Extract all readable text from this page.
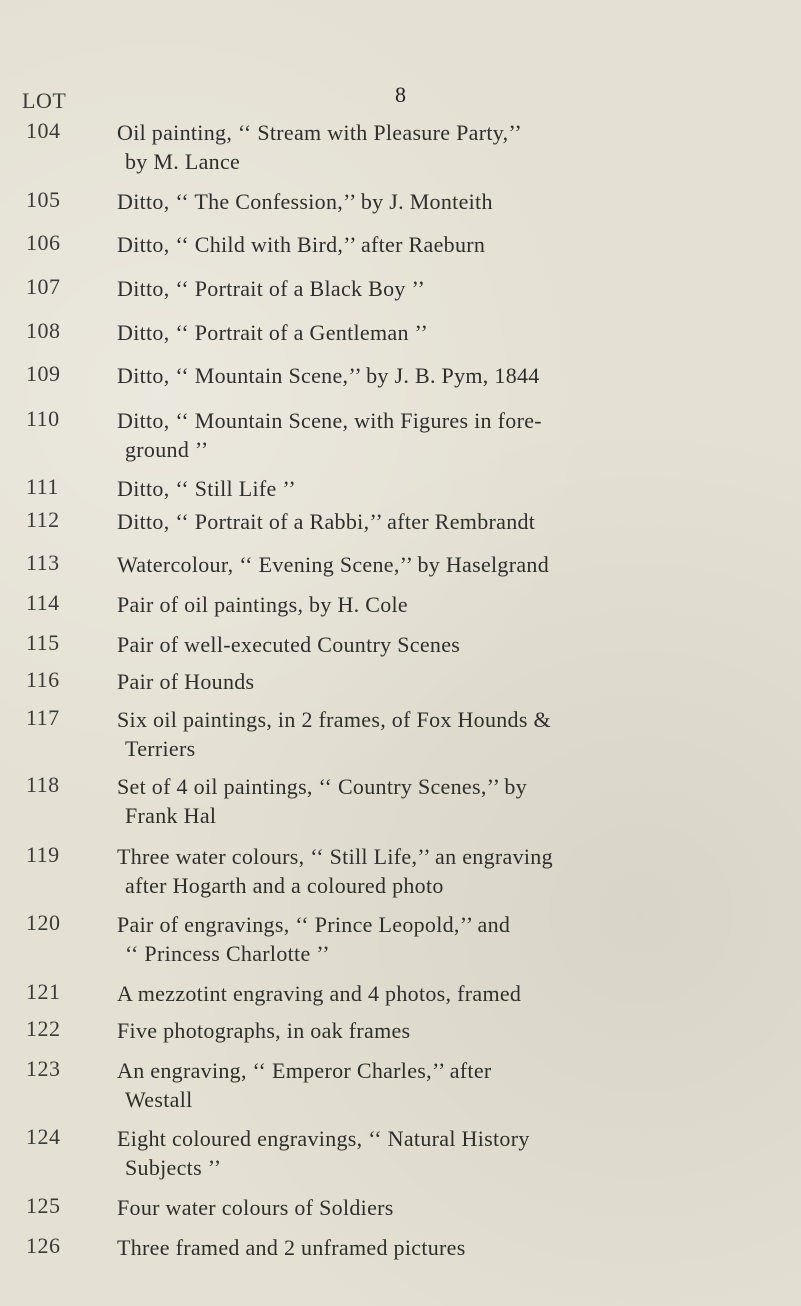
8
LOT
104	Oil painting, ‘‘ Stream with Pleasure Party,’’
by M. Lance
105	Ditto, ‘‘ The Confession,’’ by J. Monteith
106	Ditto, ‘‘ Child with Bird,’’ after Raeburn
107	Ditto, ‘‘ Portrait of a Black Boy ’’
108	Ditto, ‘‘ Portrait of a Gentleman ’’
109	Ditto, ‘‘ Mountain Scene,’’ by J. B. Pym, 1844
110	Ditto, ‘‘ Mountain Scene, with Figures in fore-
ground ’’
111	Ditto, ‘‘ Still Life ’’
112	Ditto, ‘‘ Portrait of a Rabbi,’’ after Rembrandt
113	Watercolour, ‘‘ Evening Scene,’’ by Haselgrand
114	Pair of oil paintings, by H. Cole
115	Pair of well-executed Country Scenes
116	Pair of Hounds
117	Six oil paintings, in 2 frames, of Fox Hounds &
Terriers
118	Set of 4 oil paintings, ‘‘ Country Scenes,’’ by
Frank Hal
119	Three water colours, ‘‘ Still Life,’’ an engraving
after Hogarth and a coloured photo
120	Pair of engravings, ‘‘ Prince Leopold,’’ and
‘‘ Princess Charlotte ’’
121	A mezzotint engraving and 4 photos, framed
122	Five photographs, in oak frames
123	An engraving, ‘‘ Emperor Charles,’’ after
Westall
124	Eight coloured engravings, ‘‘ Natural History
Subjects ’’
125	Four water colours of Soldiers
126	Three framed and 2 unframed pictures
